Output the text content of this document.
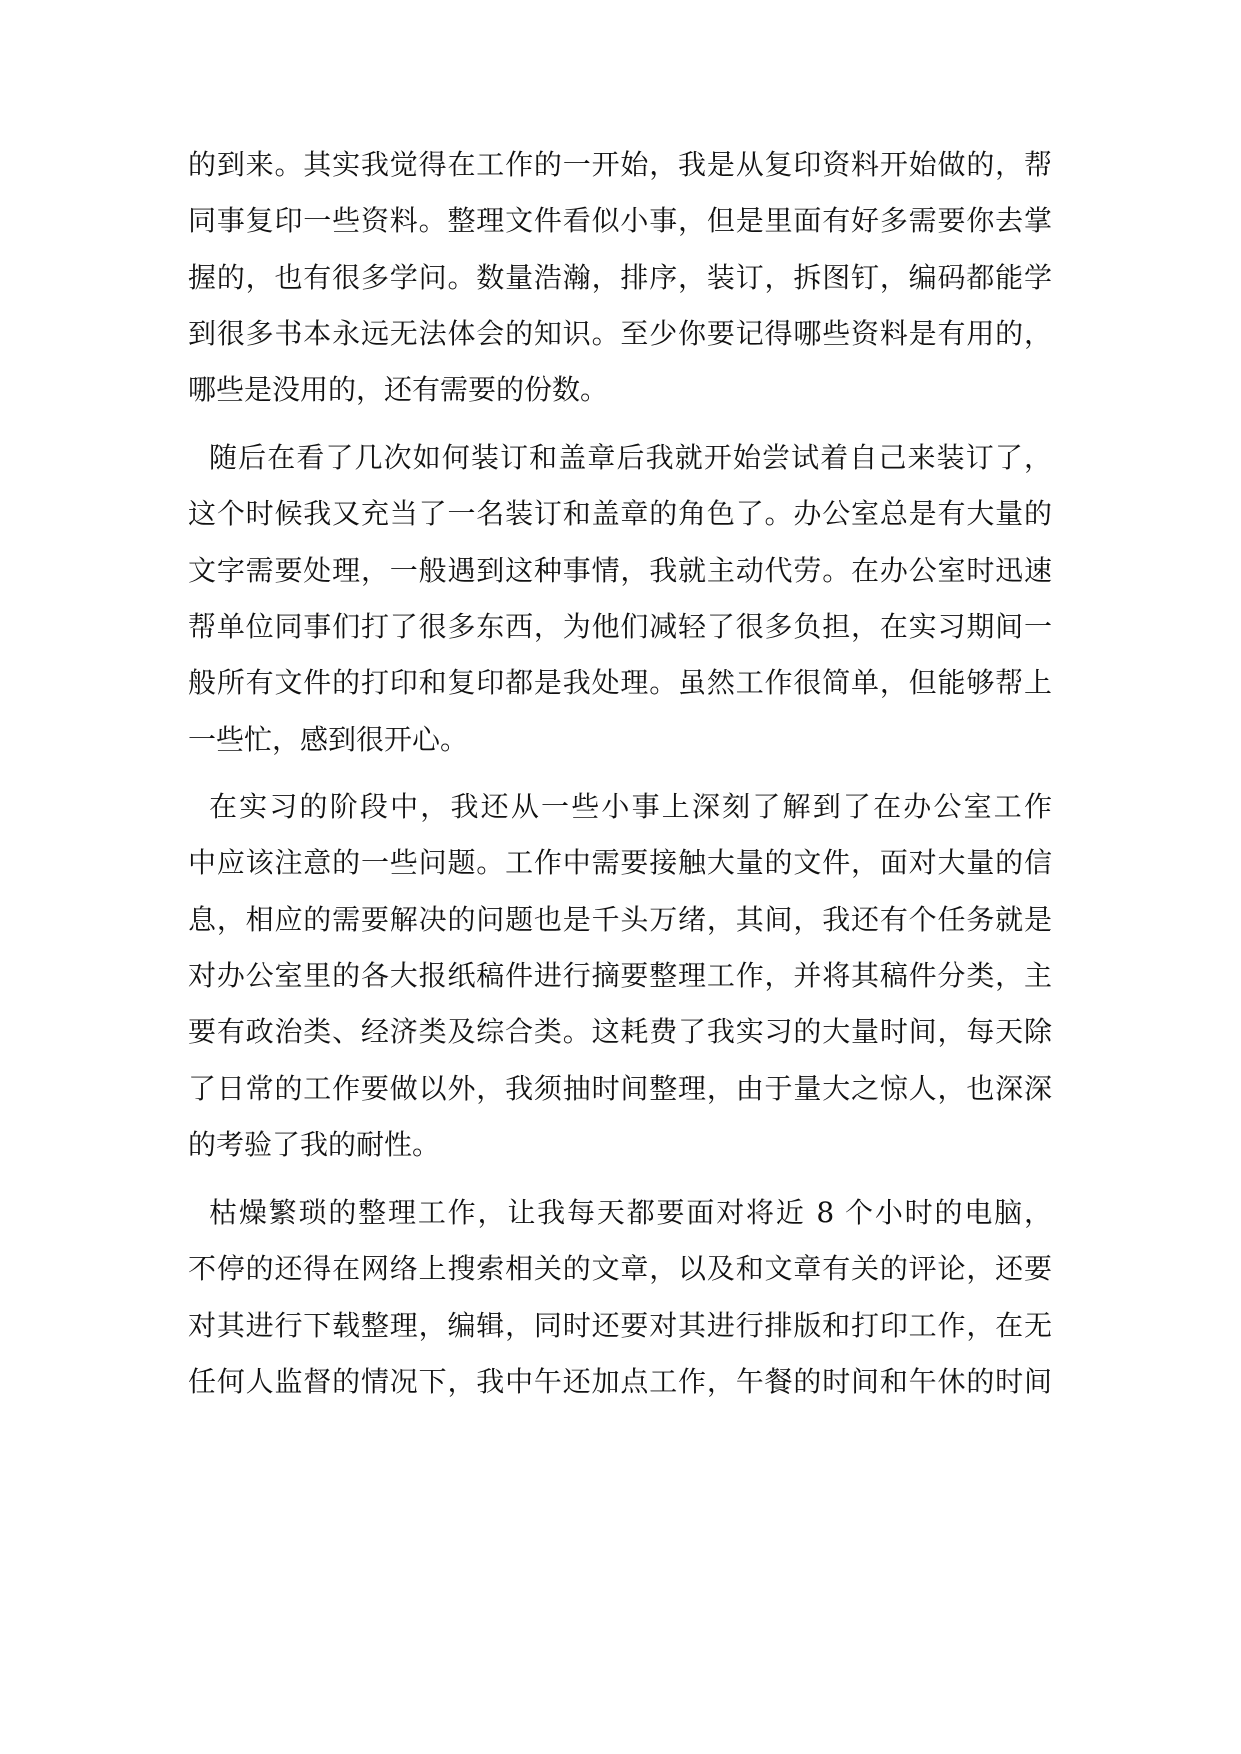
的到来。其实我觉得在工作的一开始，我是从复印资料开始做的，帮
同事复印一些资料。整理文件看似小事，但是里面有好多需要你去掌
握的，也有很多学问。数量浩瀚，排序，装订，拆图钉，编码都能学
到很多书本永远无法体会的知识。至少你要记得哪些资料是有用的，
哪些是没用的，还有需要的份数。
随后在看了几次如何装订和盖章后我就开始尝试着自己来装订了，
这个时候我又充当了一名装订和盖章的角色了。办公室总是有大量的
文字需要处理，一般遇到这种事情，我就主动代劳。在办公室时迅速
帮单位同事们打了很多东西，为他们减轻了很多负担，在实习期间一
般所有文件的打印和复印都是我处理。虽然工作很简单，但能够帮上
一些忙，感到很开心。
在实习的阶段中，我还从一些小事上深刻了解到了在办公室工作
中应该注意的一些问题。工作中需要接触大量的文件，面对大量的信
息，相应的需要解决的问题也是千头万绪，其间，我还有个任务就是
对办公室里的各大报纸稿件进行摘要整理工作，并将其稿件分类，主
要有政治类、经济类及综合类。这耗费了我实习的大量时间，每天除
了日常的工作要做以外，我须抽时间整理，由于量大之惊人，也深深
的考验了我的耐性。
枯燥繁琐的整理工作，让我每天都要面对将近 8 个小时的电脑，
不停的还得在网络上搜索相关的文章，以及和文章有关的评论，还要
对其进行下载整理，编辑，同时还要对其进行排版和打印工作，在无
任何人监督的情况下，我中午还加点工作，午餐的时间和午休的时间
